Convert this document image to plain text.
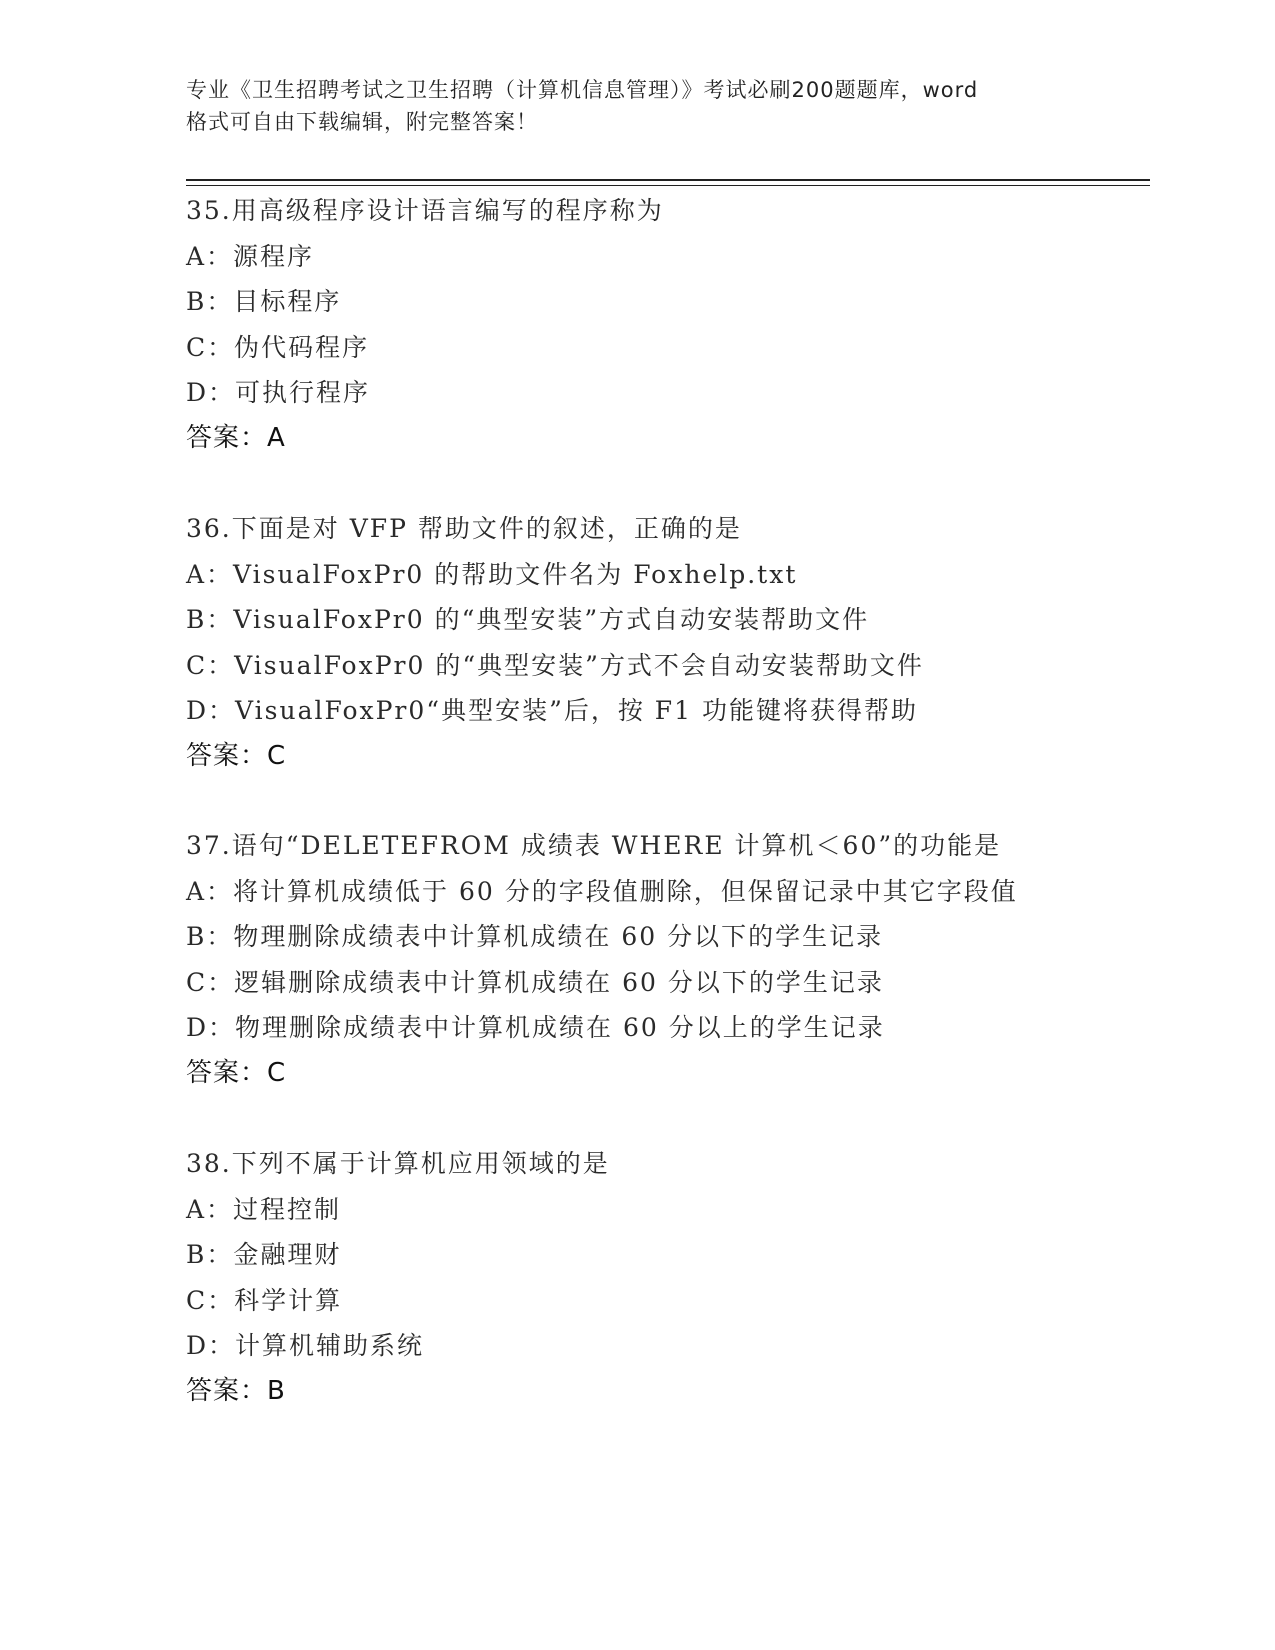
专业《卫生招聘考试之卫生招聘（计算机信息管理）》考试必刷200题题库，word

格式可自由下载编辑，附完整答案！

35.用高级程序设计语言编写的程序称为
A：源程序
B：目标程序
C：伪代码程序
D：可执行程序
答案：A
36.下面是对 VFP 帮助文件的叙述，正确的是
A：VisualFoxPr0 的帮助文件名为 Foxhelp.txt
B：VisualFoxPr0 的“典型安装”方式自动安装帮助文件
C：VisualFoxPr0 的“典型安装”方式不会自动安装帮助文件
D：VisualFoxPr0“典型安装”后，按 F1 功能键将获得帮助
答案：C
37.语句“DELETEFROM 成绩表 WHERE 计算机＜60”的功能是
A：将计算机成绩低于 60 分的字段值删除，但保留记录中其它字段值
B：物理删除成绩表中计算机成绩在 60 分以下的学生记录
C：逻辑删除成绩表中计算机成绩在 60 分以下的学生记录
D：物理删除成绩表中计算机成绩在 60 分以上的学生记录
答案：C
38.下列不属于计算机应用领域的是
A：过程控制
B：金融理财
C：科学计算
D：计算机辅助系统
答案：B
